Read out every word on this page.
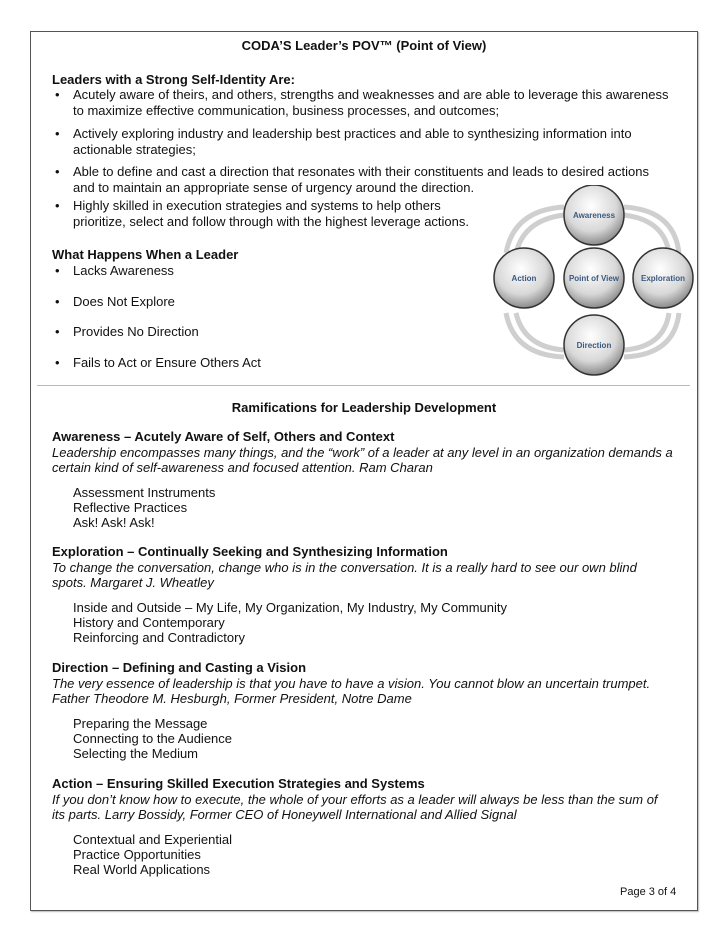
CODA’S Leader’s POV™ (Point of View)
Leaders with a Strong Self-Identity Are:
• Acutely aware of theirs, and others, strengths and weaknesses and are able to leverage this awareness
to maximize effective communication, business processes, and outcomes;
• Actively exploring industry and leadership best practices and able to synthesizing information into
actionable strategies;
• Able to define and cast a direction that resonates with their constituents and leads to desired actions
and to maintain an appropriate sense of urgency around the direction.
• Highly skilled in execution strategies and systems to help others
prioritize, select and follow through with the highest leverage actions.
What Happens When a Leader
• Lacks Awareness
• Does Not Explore
• Provides No Direction
• Fails to Act or Ensure Others Act
Awareness
Action	Point of View	Exploration
Direction
Ramifications for Leadership Development
Awareness – Acutely Aware of Self, Others and Context
Leadership encompasses many things, and the “work” of a leader at any level in an organization demands a
certain kind of self-awareness and focused attention. Ram Charan
Assessment Instruments
Reflective Practices
Ask! Ask! Ask!
Exploration – Continually Seeking and Synthesizing Information
To change the conversation, change who is in the conversation. It is a really hard to see our own blind
spots. Margaret J. Wheatley
Inside and Outside – My Life, My Organization, My Industry, My Community
History and Contemporary
Reinforcing and Contradictory
Direction – Defining and Casting a Vision
The very essence of leadership is that you have to have a vision. You cannot blow an uncertain trumpet.
Father Theodore M. Hesburgh, Former President, Notre Dame
Preparing the Message
Connecting to the Audience
Selecting the Medium
Action – Ensuring Skilled Execution Strategies and Systems
If you don’t know how to execute, the whole of your efforts as a leader will always be less than the sum of
its parts. Larry Bossidy, Former CEO of Honeywell International and Allied Signal
Contextual and Experiential
Practice Opportunities
Real World Applications
Page 3 of 4
